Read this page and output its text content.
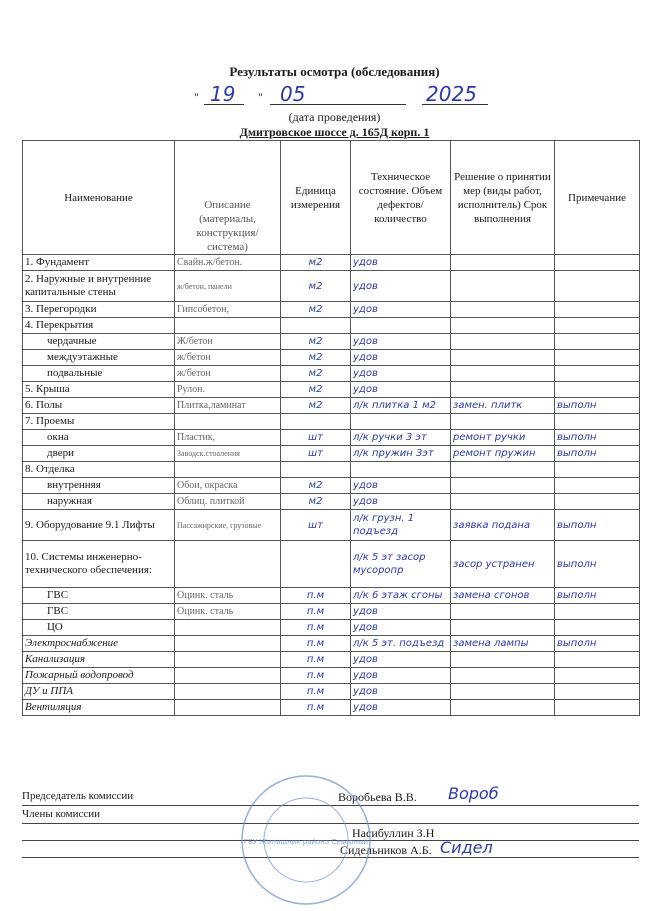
Результаты осмотра (обследования)
" 19 " 05	2025
(дата проведения)
Дмитровское шоссе д. 165Д корп. 1
Наименование	Описание (материалы, конструкция/ система)	Единица измерения	Техническое состояние. Объем дефектов/ количество	Решение о принятии мер (виды работ, исполнитель) Срок выполнения	Примечание
1. Фундамент	Свайн.ж/бетон.	м2	удов		
2. Наружные и внутренние капитальные стены	ж/бетон, панели	м2	удов		
3. Перегородки	Гипсобетон,	м2	удов		
4. Перекрытия					
чердачные	Ж/бетон	м2	удов		
междуэтажные	ж/бетон	м2	удов		
подвальные	ж/бетон	м2	удов		
5. Крыша	Рулон.	м2	удов		
6. Полы	Плитка,ламинат	м2	л/к плитка 1 м2	замен. плитк	выполн
7. Проемы					
окна	Пластик,	шт	л/к ручки 3 эт	ремонт ручки	выполн
двери	Заводск.стоаления	шт	л/к пружин 3эт	ремонт пружин	выполн
8. Отделка					
внутренняя	Обои, окраска	м2	удов		
наружная	Облиц. плиткой	м2	удов		
9. Оборудование 9.1 Лифты	Пассажирские, грузовые	шт	л/к грузн. 1 подъезд	заявка подана	выполн
10. Системы инженерно-технического обеспечения:			л/к 5 эт засор мусоропр	засор устранен	выполн
ГВС	Оцинк. сталь	п.м	л/к 6 этаж сгоны	замена сгонов	выполн
ГВС	Оцинк. сталь	п.м	удов		
ЦО		п.м	удов		
Электроснабжение		п.м	л/к 5 эт. подъезд	замена лампы	выполн
Канализация		п.м	удов		
Пожарный водопровод		п.м	удов		
ДУ и ППА		п.м	удов		
Вентиляция		п.м	удов		
Председатель комиссии	Воробьева В.В. Вороб
Члены комиссии
Насибуллин З.Н
Сидельников А.Б. Сидел
ГБУ Жилищник района Северный
